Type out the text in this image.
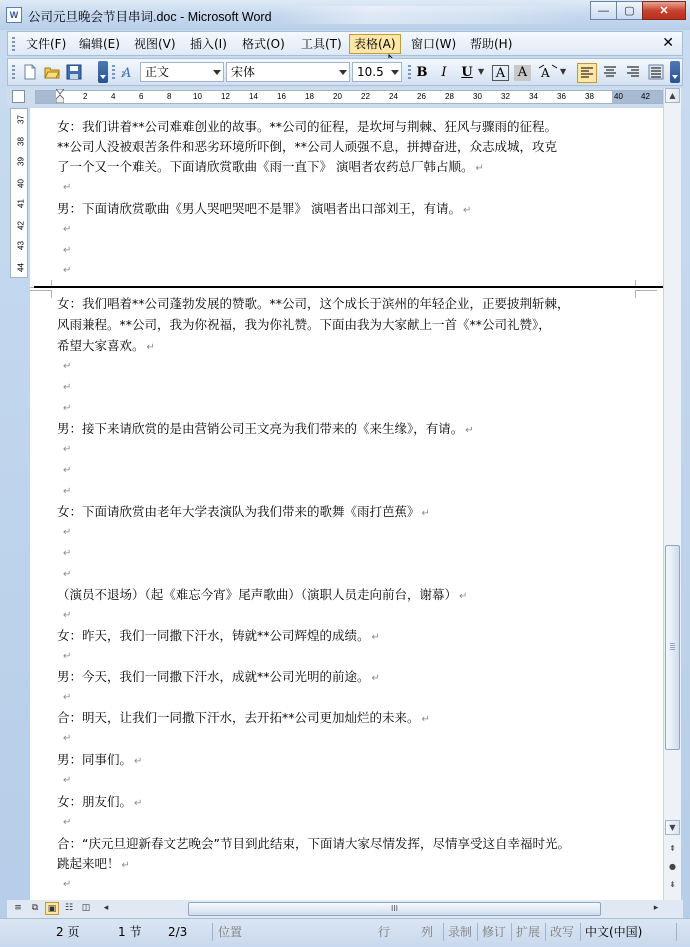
W 公司元旦晚会节目串词.doc - Microsoft Word	—	▢	✕
文件(F)	编辑(E)	视图(V)	插入(I)	格式(O)	工具(T)	表格(A)	窗口(W)	帮助(H)	✕
A	正文	宋体	10.5	B	I	U ▼ A A	A ▼
2	4	6	8	10 12 14 16 18 20 22 24 26 28 30 32 34 36 38	40 42
37
38
39
40
41
42
43
44
女：我们讲着**公司难难创业的故事。**公司的征程，是坎坷与荆棘、狂风与骤雨的征程。
**公司人没被艰苦条件和恶劣环境所吓倒，**公司人顽强不息，拼搏奋进，众志成城，攻克
了一个又一个难关。下面请欣赏歌曲《雨一直下》 演唱者农药总厂韩占顺。 ↵
↵
男：下面请欣赏歌曲《男人哭吧哭吧不是罪》 演唱者出口部刘王，有请。 ↵
↵
↵
↵
女：我们唱着**公司蓬勃发展的赞歌。**公司，这个成长于滨州的年轻企业，正要披荆斩棘，
风雨兼程。**公司，我为你祝福，我为你礼赞。下面由我为大家献上一首《**公司礼赞》，
希望大家喜欢。 ↵
↵
↵
↵
男：接下来请欣赏的是由营销公司王文亮为我们带来的《来生缘》，有请。 ↵
↵
↵
↵
女：下面请欣赏由老年大学表演队为我们带来的歌舞《雨打芭蕉》 ↵
↵
↵
↵
（演员不退场）（起《难忘今宵》尾声歌曲）（演职人员走向前台，谢幕） ↵
↵
女：昨天，我们一同撒下汗水，铸就**公司辉煌的成绩。 ↵
↵
男：今天，我们一同撒下汗水，成就**公司光明的前途。 ↵
↵
合：明天，让我们一同撒下汗水，去开拓**公司更加灿烂的未来。 ↵
↵
男：同事们。 ↵
↵
女：朋友们。 ↵
↵
合：“庆元旦迎新春文艺晚会”节目到此结束，下面请大家尽情发挥，尽情享受这自幸福时光。
跳起来吧！ ↵
↵
▲
▼
⇞
●
⇟
≡	⧉	▣ ☷ ◫	◂	III	▸
2 页	1 节 2/3	位置	行	列 录制 修订 扩展 改写 中文(中国)
